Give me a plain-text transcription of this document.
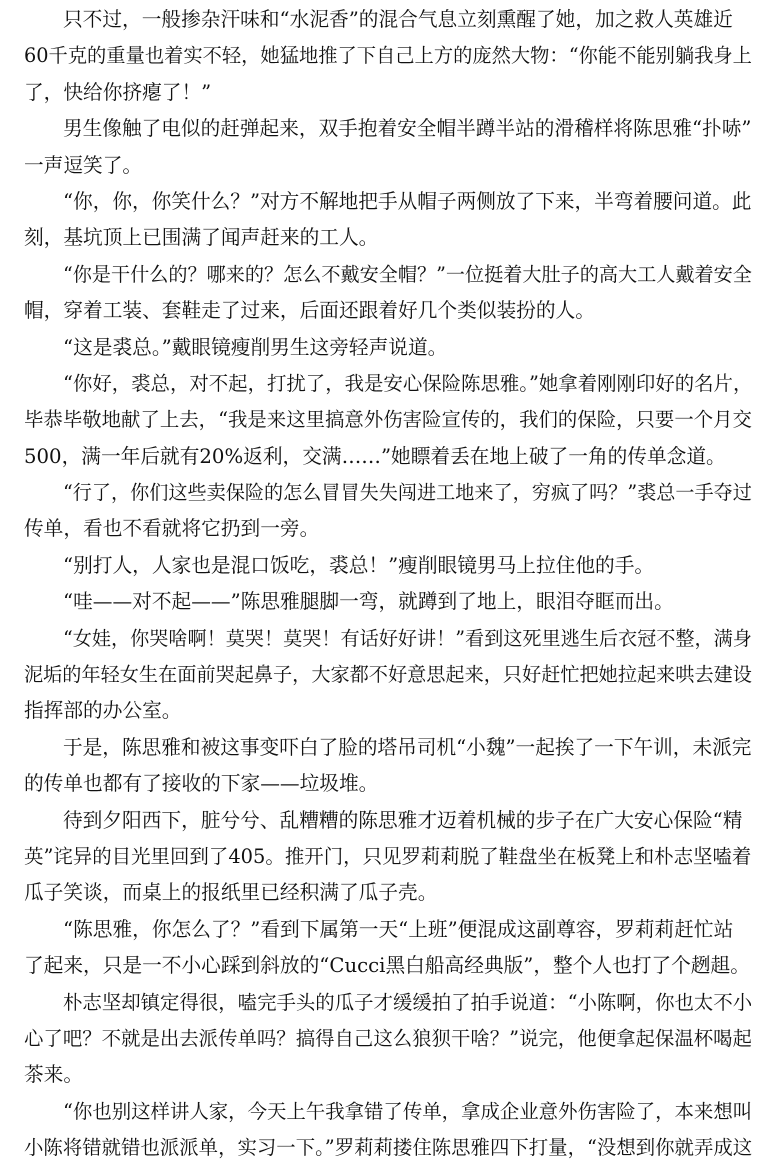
只不过，一般掺杂汗味和“水泥香”的混合气息立刻熏醒了她，加之救人英雄近
60千克的重量也着实不轻，她猛地推了下自己上方的庞然大物：“你能不能别躺我身上
了，快给你挤瘪了！”
男生像触了电似的赶弹起来，双手抱着安全帽半蹲半站的滑稽样将陈思雅“扑哧”
一声逗笑了。
“你，你，你笑什么？”对方不解地把手从帽子两侧放了下来，半弯着腰问道。此
刻，基坑顶上已围满了闻声赶来的工人。
“你是干什么的？哪来的？怎么不戴安全帽？”一位挺着大肚子的高大工人戴着安全
帽，穿着工装、套鞋走了过来，后面还跟着好几个类似装扮的人。
“这是裘总。”戴眼镜瘦削男生这旁轻声说道。
“你好，裘总，对不起，打扰了，我是安心保险陈思雅。”她拿着刚刚印好的名片，
毕恭毕敬地献了上去，“我是来这里搞意外伤害险宣传的，我们的保险，只要一个月交
500，满一年后就有20%返利，交满……”她瞟着丢在地上破了一角的传单念道。
“行了，你们这些卖保险的怎么冒冒失失闯进工地来了，穷疯了吗？”裘总一手夺过
传单，看也不看就将它扔到一旁。
“别打人，人家也是混口饭吃，裘总！”瘦削眼镜男马上拉住他的手。
“哇——对不起——”陈思雅腿脚一弯，就蹲到了地上，眼泪夺眶而出。
“女娃，你哭啥啊！莫哭！莫哭！有话好好讲！”看到这死里逃生后衣冠不整，满身
泥垢的年轻女生在面前哭起鼻子，大家都不好意思起来，只好赶忙把她拉起来哄去建设
指挥部的办公室。
于是，陈思雅和被这事变吓白了脸的塔吊司机“小魏”一起挨了一下午训，未派完
的传单也都有了接收的下家——垃圾堆。
待到夕阳西下，脏兮兮、乱糟糟的陈思雅才迈着机械的步子在广大安心保险“精
英”诧异的目光里回到了405。推开门，只见罗莉莉脱了鞋盘坐在板凳上和朴志坚嗑着
瓜子笑谈，而桌上的报纸里已经积满了瓜子壳。
“陈思雅，你怎么了？”看到下属第一天“上班”便混成这副尊容，罗莉莉赶忙站
了起来，只是一不小心踩到斜放的“Cucci黑白船高经典版”，整个人也打了个趔趄。
朴志坚却镇定得很，嗑完手头的瓜子才缓缓拍了拍手说道：“小陈啊，你也太不小
心了吧？不就是出去派传单吗？搞得自己这么狼狈干啥？”说完，他便拿起保温杯喝起
茶来。
“你也别这样讲人家，今天上午我拿错了传单，拿成企业意外伤害险了，本来想叫
小陈将错就错也派派单，实习一下。”罗莉莉搂住陈思雅四下打量，“没想到你就弄成这
